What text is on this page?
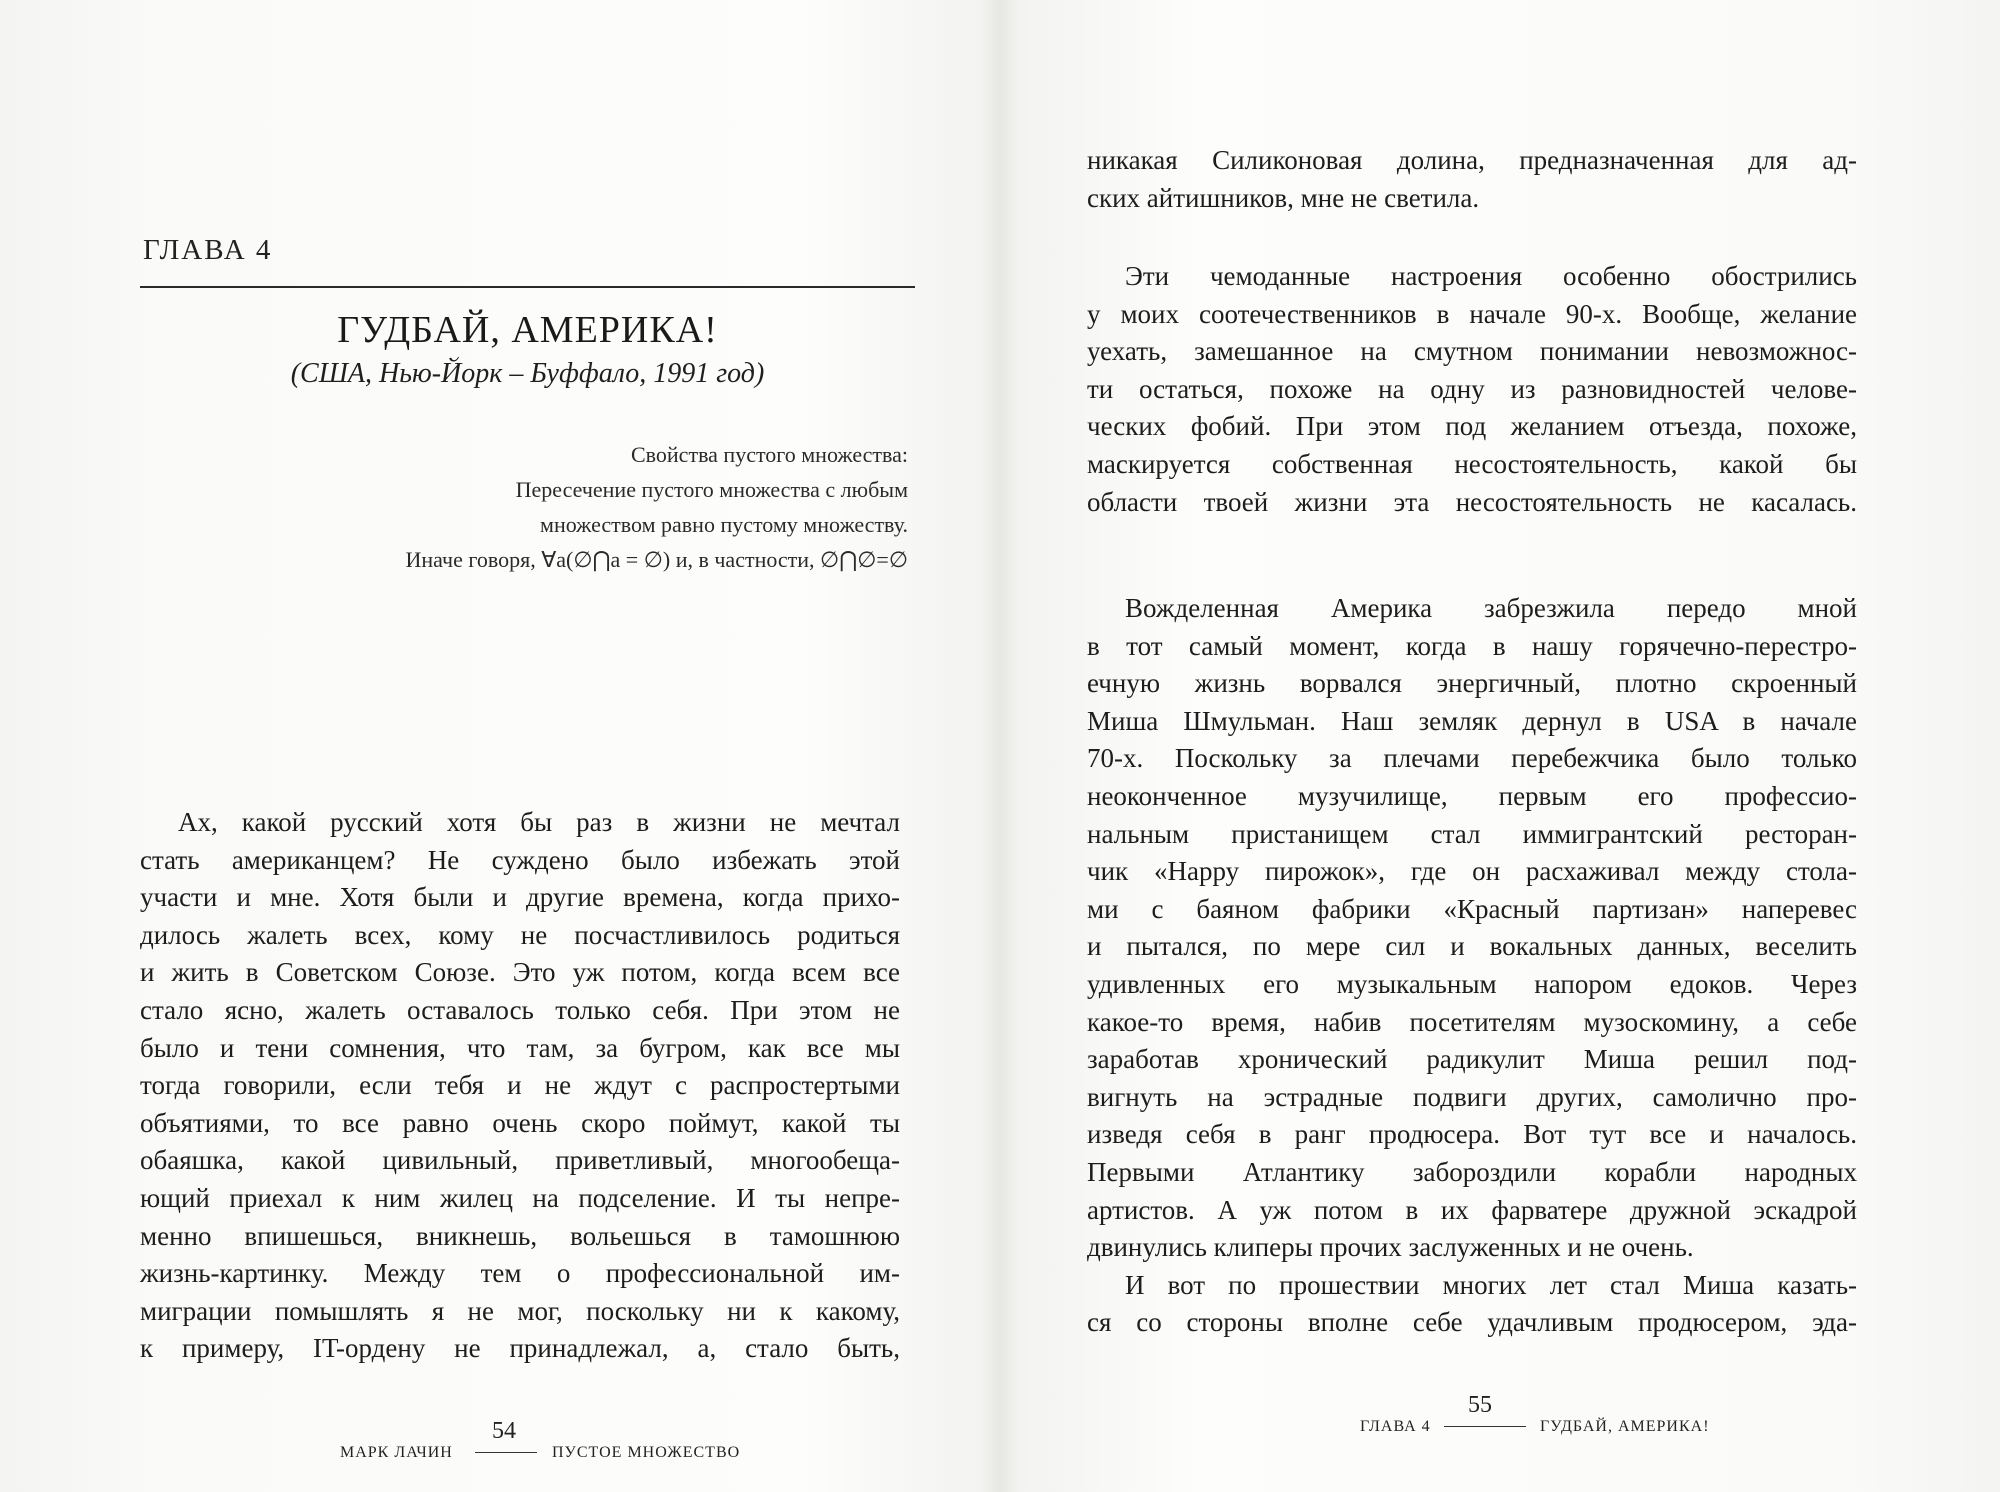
ГЛАВА 4
ГУДБАЙ, АМЕРИКА!
(США, Нью-Йорк – Буффало, 1991 год)
Свойства пустого множества:
Пересечение пустого множества с любым
множеством равно пустому множеству.
Иначе говоря, ∀a(∅⋂a = ∅) и, в частности, ∅⋂∅=∅
Ах, какой русский хотя бы раз в жизни не мечтал
стать американцем? Не суждено было избежать этой
участи и мне. Хотя были и другие времена, когда прихо-
дилось жалеть всех, кому не посчастливилось родиться
и жить в Советском Союзе. Это уж потом, когда всем все
стало ясно, жалеть оставалось только себя. При этом не
было и тени сомнения, что там, за бугром, как все мы
тогда говорили, если тебя и не ждут с распростертыми
объятиями, то все равно очень скоро поймут, какой ты
обаяшка, какой цивильный, приветливый, многообеща-
ющий приехал к ним жилец на подселение. И ты непре-
менно впишешься, вникнешь, вольешься в тамошнюю
жизнь-картинку. Между тем о профессиональной им-
миграции помышлять я не мог, поскольку ни к какому,
к примеру, IT-ордену не принадлежал, а, стало быть,
МАРК ЛАЧИН
54
ПУСТОЕ МНОЖЕСТВО
никакая Силиконовая долина, предназначенная для ад-
ских айтишников, мне не светила.
Эти чемоданные настроения особенно обострились
у моих соотечественников в начале 90-х. Вообще, желание
уехать, замешанное на смутном понимании невозможнос-
ти остаться, похоже на одну из разновидностей челове-
ческих фобий. При этом под желанием отъезда, похоже,
маскируется собственная несостоятельность, какой бы
области твоей жизни эта несостоятельность не касалась.
Вожделенная Америка забрезжила передо мной
в тот самый момент, когда в нашу горячечно-перестро-
ечную жизнь ворвался энергичный, плотно скроенный
Миша Шмульман. Наш земляк дернул в USA в начале
70-х. Поскольку за плечами перебежчика было только
неоконченное музучилище, первым его профессио-
нальным пристанищем стал иммигрантский ресторан-
чик «Нарру пирожок», где он расхаживал между стола-
ми с баяном фабрики «Красный партизан» наперевес
и пытался, по мере сил и вокальных данных, веселить
удивленных его музыкальным напором едоков. Через
какое-то время, набив посетителям музоскомину, а себе
заработав хронический радикулит Миша решил под-
вигнуть на эстрадные подвиги других, самолично про-
изведя себя в ранг продюсера. Вот тут все и началось.
Первыми Атлантику забороздили корабли народных
артистов. А уж потом в их фарватере дружной эскадрой
двинулись клиперы прочих заслуженных и не очень.
И вот по прошествии многих лет стал Миша казать-
ся со стороны вполне себе удачливым продюсером, эда-
ГЛАВА 4
55
ГУДБАЙ, АМЕРИКА!
